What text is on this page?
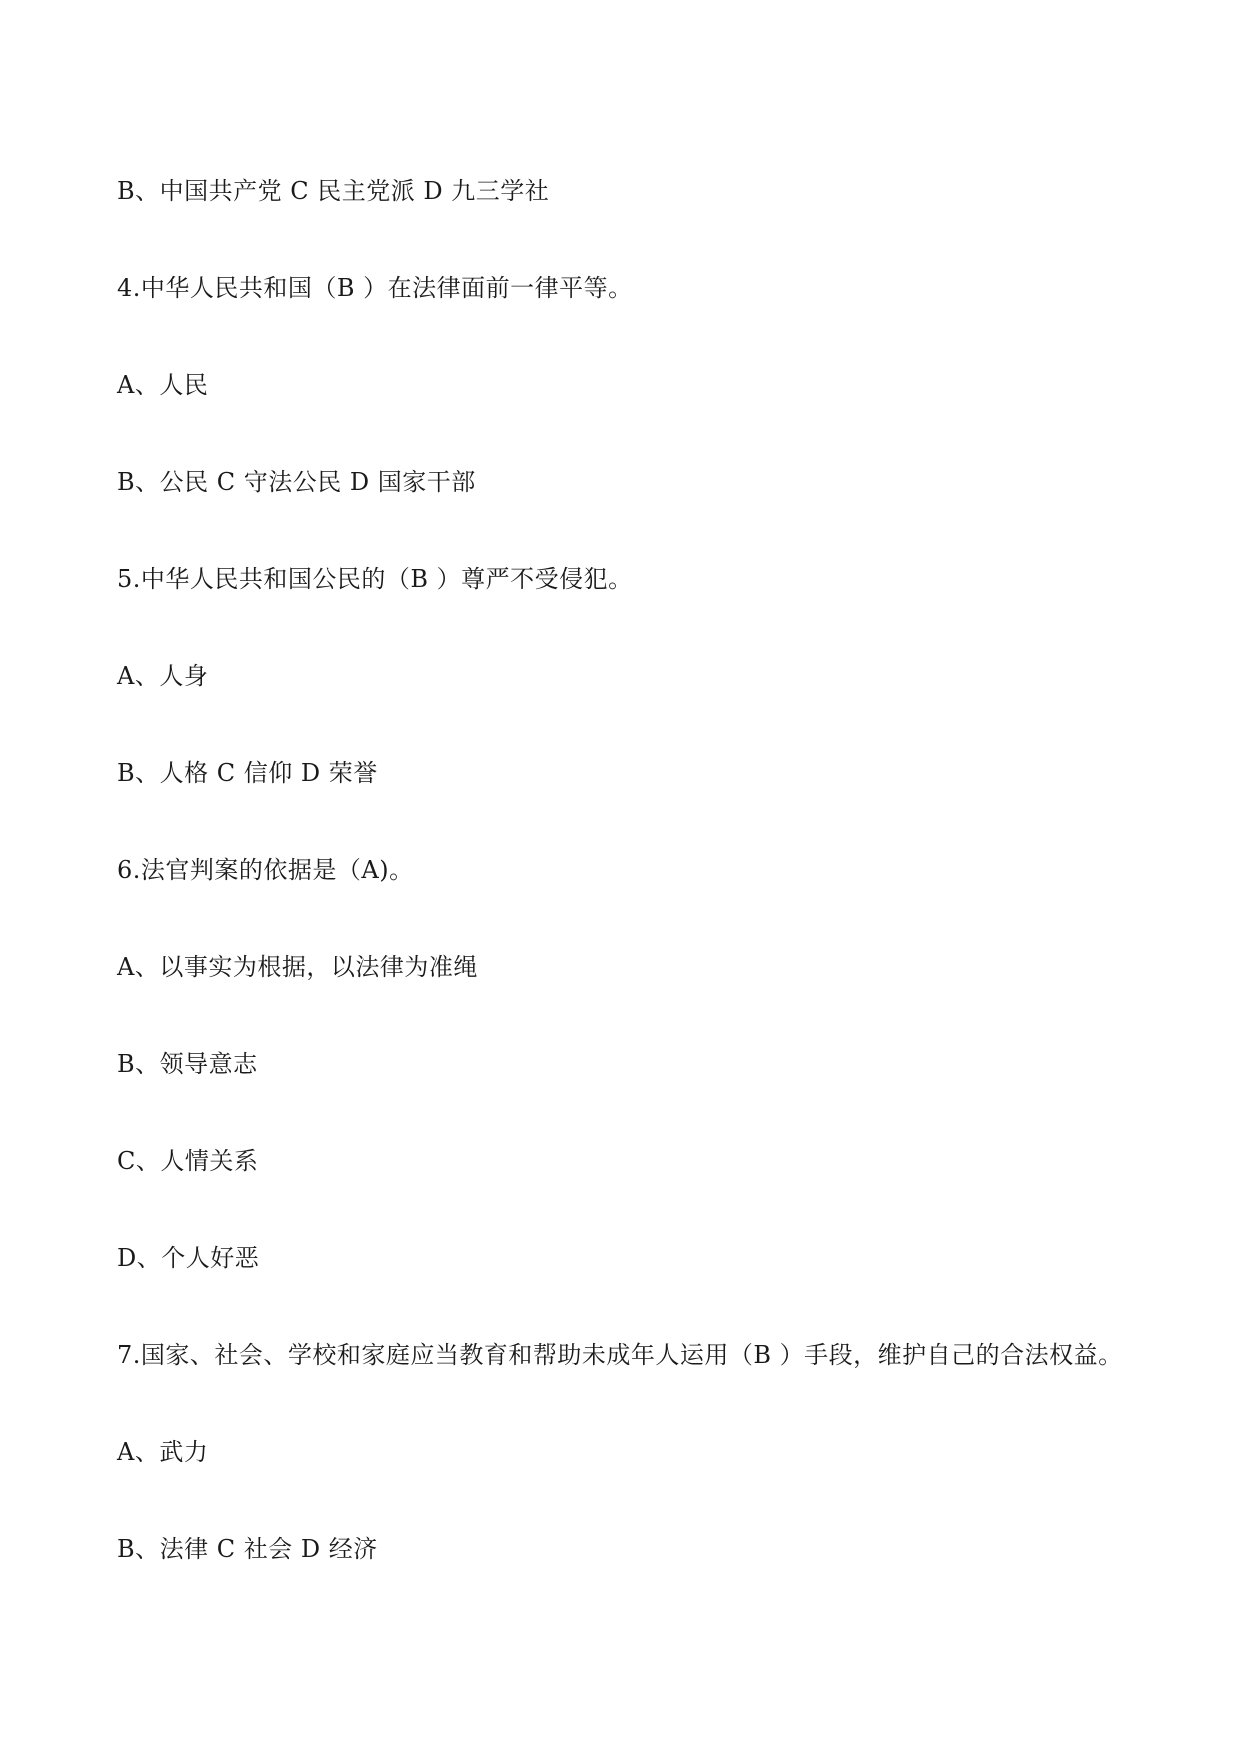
B、中国共产党 C 民主党派 D 九三学社
4.中华人民共和国（B ）在法律面前一律平等。
A、人民
B、公民 C 守法公民 D 国家干部
5.中华人民共和国公民的（B ）尊严不受侵犯。
A、人身
B、人格 C 信仰 D 荣誉
6.法官判案的依据是（A)。
A、以事实为根据，以法律为准绳
B、领导意志
C、人情关系
D、个人好恶
7.国家、社会、学校和家庭应当教育和帮助未成年人运用（B ）手段，维护自己的合法权益。
A、武力
B、法律 C 社会 D 经济
